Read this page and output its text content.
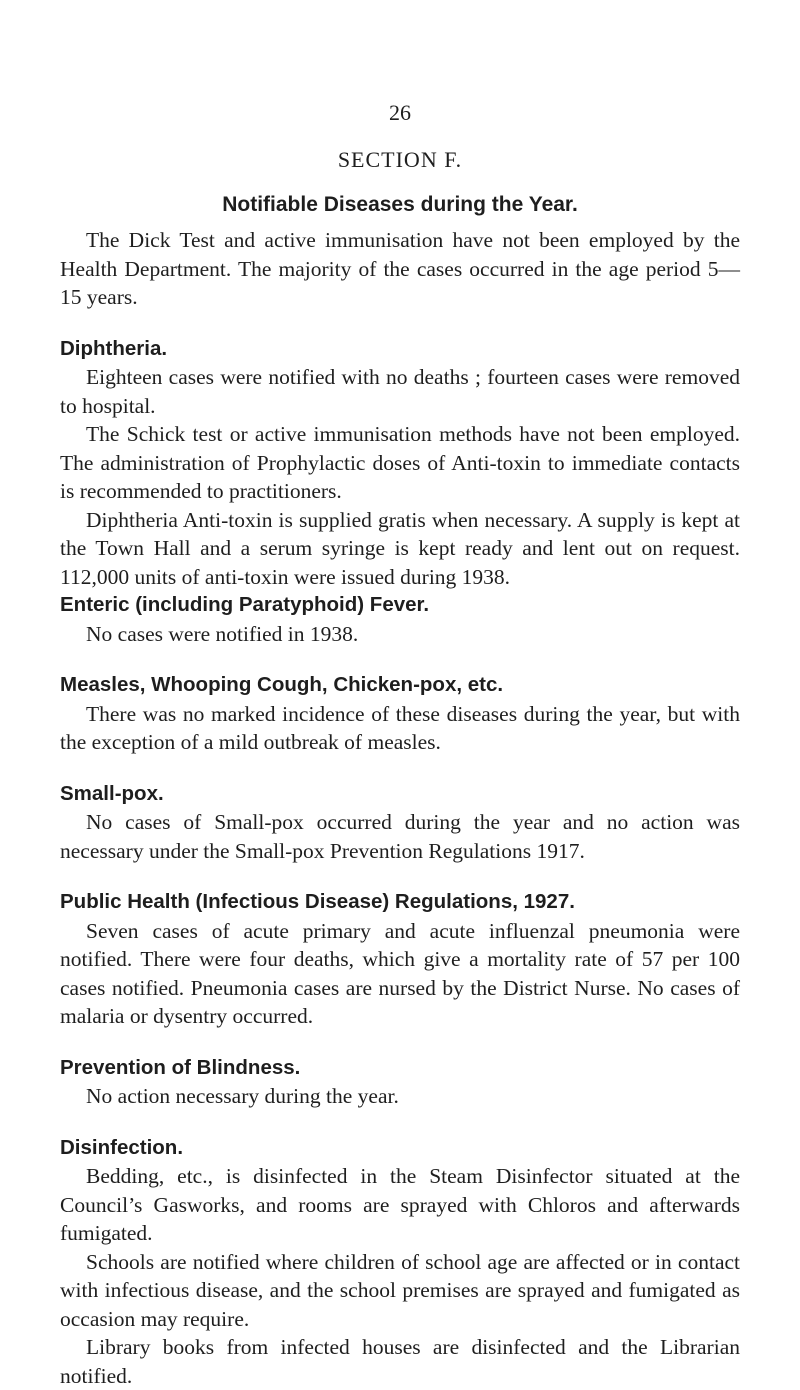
26
SECTION F.
Notifiable Diseases during the Year.

The Dick Test and active immunisation have not been employed by the Health Department. The majority of the cases occurred in the age period 5—15 years.

Diphtheria.

Eighteen cases were notified with no deaths ; fourteen cases were removed to hospital.

The Schick test or active immunisation methods have not been employed. The administration of Prophylactic doses of Anti-toxin to immediate contacts is recommended to practitioners.

Diphtheria Anti-toxin is supplied gratis when necessary. A supply is kept at the Town Hall and a serum syringe is kept ready and lent out on request. 112,000 units of anti-toxin were issued during 1938.

Enteric (including Paratyphoid) Fever.

No cases were notified in 1938.

Measles, Whooping Cough, Chicken-pox, etc.

There was no marked incidence of these diseases during the year, but with the exception of a mild outbreak of measles.

Small-pox.

No cases of Small-pox occurred during the year and no action was necessary under the Small-pox Prevention Regulations 1917.

Public Health (Infectious Disease) Regulations, 1927.

Seven cases of acute primary and acute influenzal pneumonia were notified. There were four deaths, which give a mortality rate of 57 per 100 cases notified. Pneumonia cases are nursed by the District Nurse. No cases of malaria or dysentry occurred.

Prevention of Blindness.

No action necessary during the year.

Disinfection.

Bedding, etc., is disinfected in the Steam Disinfector situated at the Council’s Gasworks, and rooms are sprayed with Chloros and afterwards fumigated.

Schools are notified where children of school age are affected or in contact with infectious disease, and the school premises are sprayed and fumigated as occasion may require.

Library books from infected houses are disinfected and the Librarian notified.
